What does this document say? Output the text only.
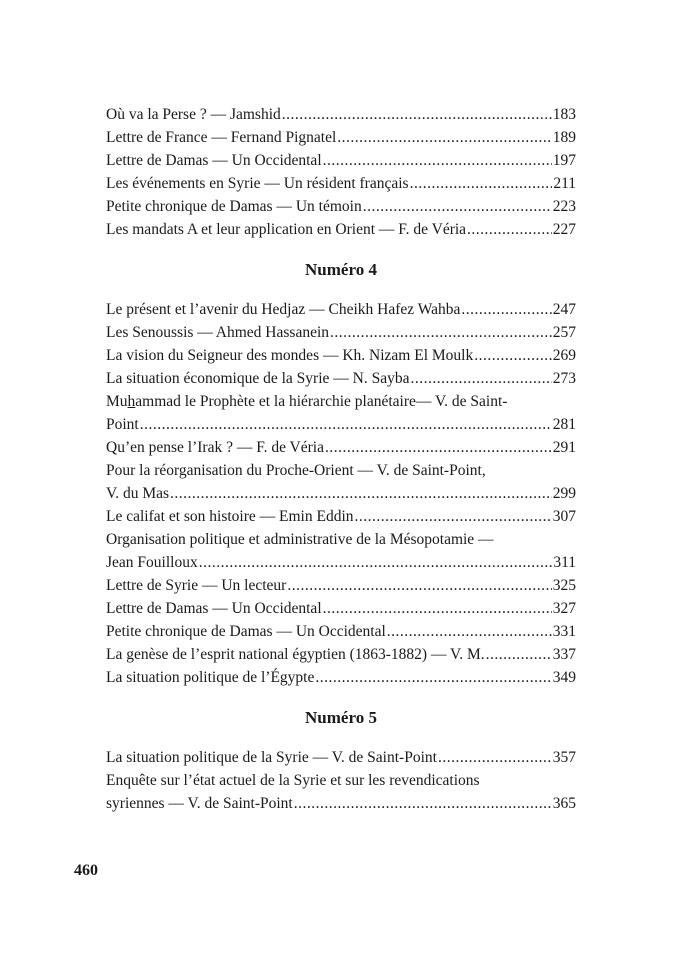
Où va la Perse ? — Jamshid .....	183
Lettre de France — Fernand Pignatel .....	189
Lettre de Damas — Un Occidental .....	197
Les événements en Syrie — Un résident français .....	211
Petite chronique de Damas — Un témoin .....	223
Les mandats A et leur application en Orient — F. de Véria .....	227
Numéro 4
Le présent et l’avenir du Hedjaz — Cheikh Hafez Wahba .....	247
Les Senoussis — Ahmed Hassanein .....	257
La vision du Seigneur des mondes — Kh. Nizam El Moulk .....	269
La situation économique de la Syrie — N. Sayba .....	273
Muhammad le Prophète et la hiérarchie planétaire— V. de Saint-
Point .....	281
Qu’en pense l’Irak ? — F. de Véria .....	291
Pour la réorganisation du Proche-Orient — V. de Saint-Point,
V. du Mas .....	299
Le califat et son histoire — Emin Eddin .....	307
Organisation politique et administrative de la Mésopotamie —
Jean Fouilloux .....	311
Lettre de Syrie — Un lecteur .....	325
Lettre de Damas — Un Occidental .....	327
Petite chronique de Damas — Un Occidental .....	331
La genèse de l’esprit national égyptien (1863-1882) — V. M. .....	337
La situation politique de l’Égypte .....	349
Numéro 5
La situation politique de la Syrie — V. de Saint-Point .....	357
Enquête sur l’état actuel de la Syrie et sur les revendications
syriennes — V. de Saint-Point .....	365
460
